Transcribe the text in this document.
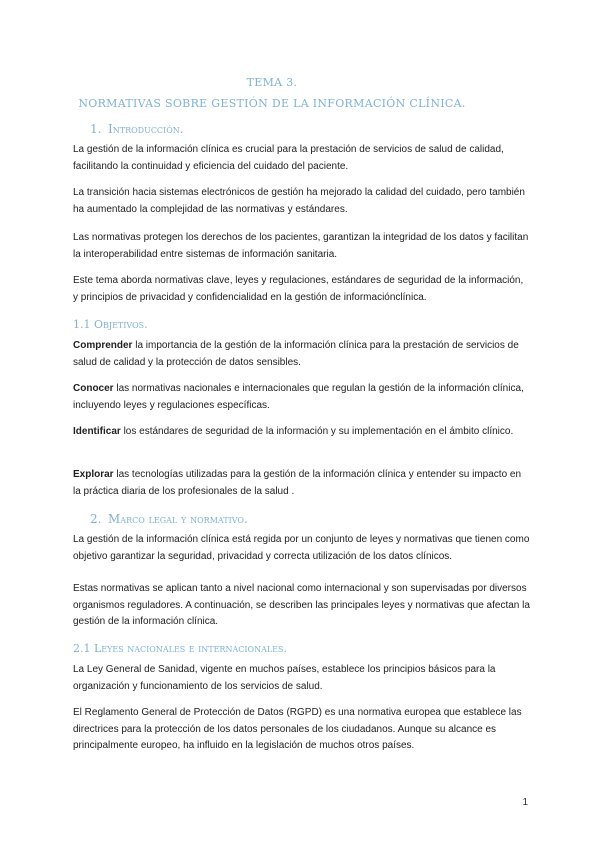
TEMA 3.
NORMATIVAS SOBRE GESTIÓN DE LA INFORMACIÓN CLÍNICA.
1. Introducción.

La gestión de la información clínica es crucial para la prestación de servicios de salud de calidad, facilitando la continuidad y eficiencia del cuidado del paciente.

La transición hacia sistemas electrónicos de gestión ha mejorado la calidad del cuidado, pero también ha aumentado la complejidad de las normativas y estándares.

Las normativas protegen los derechos de los pacientes, garantizan la integridad de los datos y facilitan la interoperabilidad entre sistemas de información sanitaria.

Este tema aborda normativas clave, leyes y regulaciones, estándares de seguridad de la información, y principios de privacidad y confidencialidad en la gestión de informaciónclínica.

1.1 Objetivos.

Comprender la importancia de la gestión de la información clínica para la prestación de servicios de salud de calidad y la protección de datos sensibles.

Conocer las normativas nacionales e internacionales que regulan la gestión de la información clínica, incluyendo leyes y regulaciones específicas.

Identificar los estándares de seguridad de la información y su implementación en el ámbito clínico.

Explorar las tecnologías utilizadas para la gestión de la información clínica y entender su impacto en la práctica diaria de los profesionales de la salud .

2. Marco legal y normativo.

La gestión de la información clínica está regida por un conjunto de leyes y normativas que tienen como objetivo garantizar la seguridad, privacidad y correcta utilización de los datos clínicos.

Estas normativas se aplican tanto a nivel nacional como internacional y son supervisadas por diversos organismos reguladores. A continuación, se describen las principales leyes y normativas que afectan la gestión de la información clínica.

2.1 Leyes nacionales e internacionales.

La Ley General de Sanidad, vigente en muchos países, establece los principios básicos para la organización y funcionamiento de los servicios de salud.

El Reglamento General de Protección de Datos (RGPD) es una normativa europea que establece las directrices para la protección de los datos personales de los ciudadanos. Aunque su alcance es principalmente europeo, ha influido en la legislación de muchos otros países.

1
